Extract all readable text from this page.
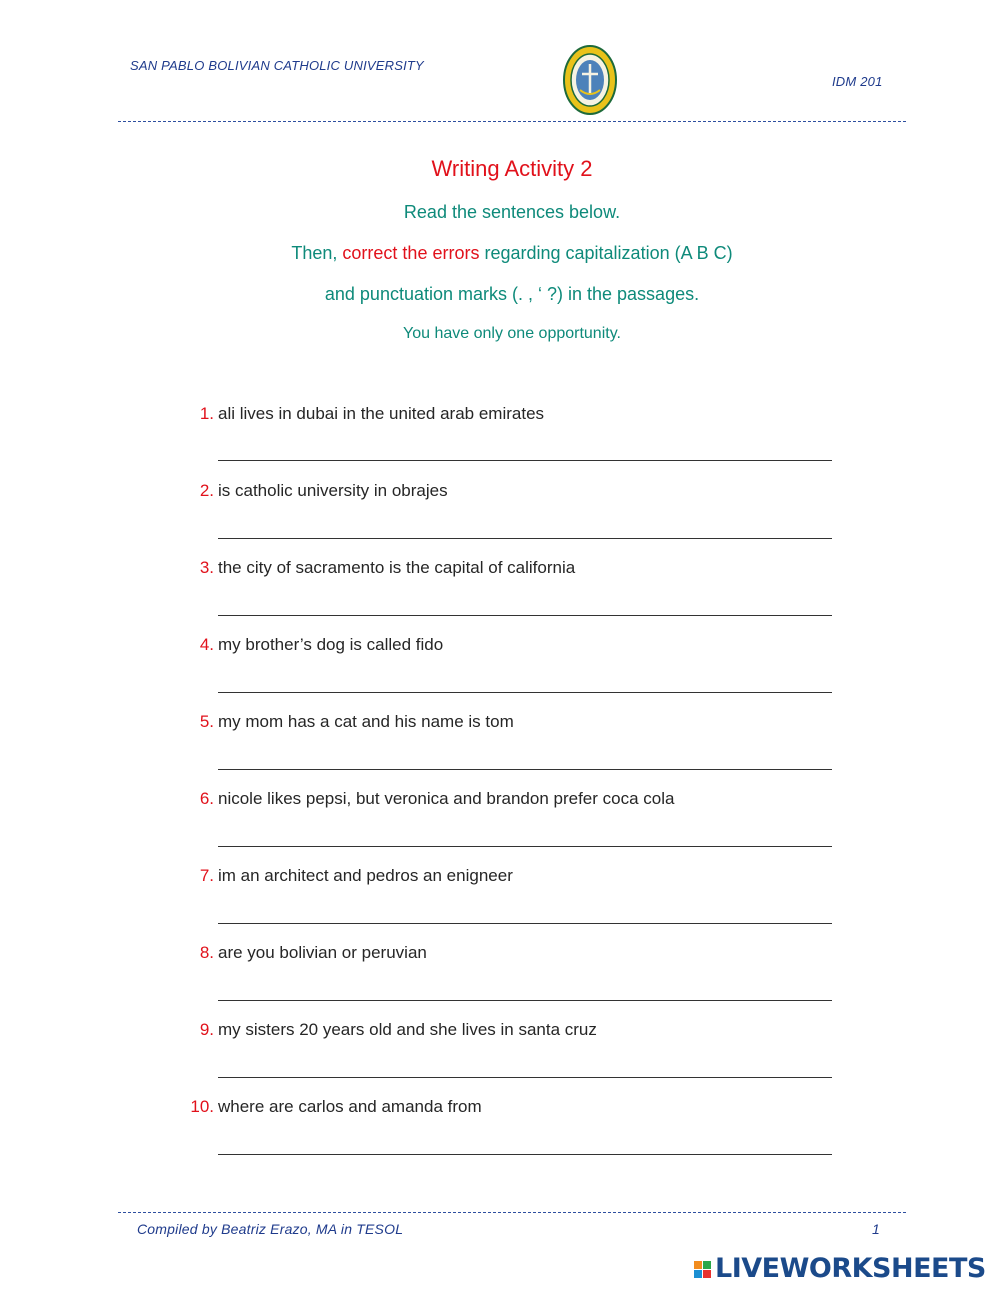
SAN PABLO BOLIVIAN CATHOLIC UNIVERSITY
IDM 201
Writing Activity 2
Read the sentences below.
Then, correct the errors regarding capitalization (A B C)
and punctuation marks (. , ‘ ?) in the passages.
You have only one opportunity.
1. ali lives in dubai in the united arab emirates
2. is catholic university in obrajes
3. the city of sacramento is the capital of california
4. my brother’s dog is called fido
5. my mom has a cat and his name is tom
6. nicole likes pepsi, but veronica and brandon prefer coca cola
7. im an architect and pedros an enigneer
8. are you bolivian or peruvian
9. my sisters 20 years old and she lives in santa cruz
10. where are carlos and amanda from
Compiled by Beatriz Erazo, MA in TESOL	1
LIVEWORKSHEETS
